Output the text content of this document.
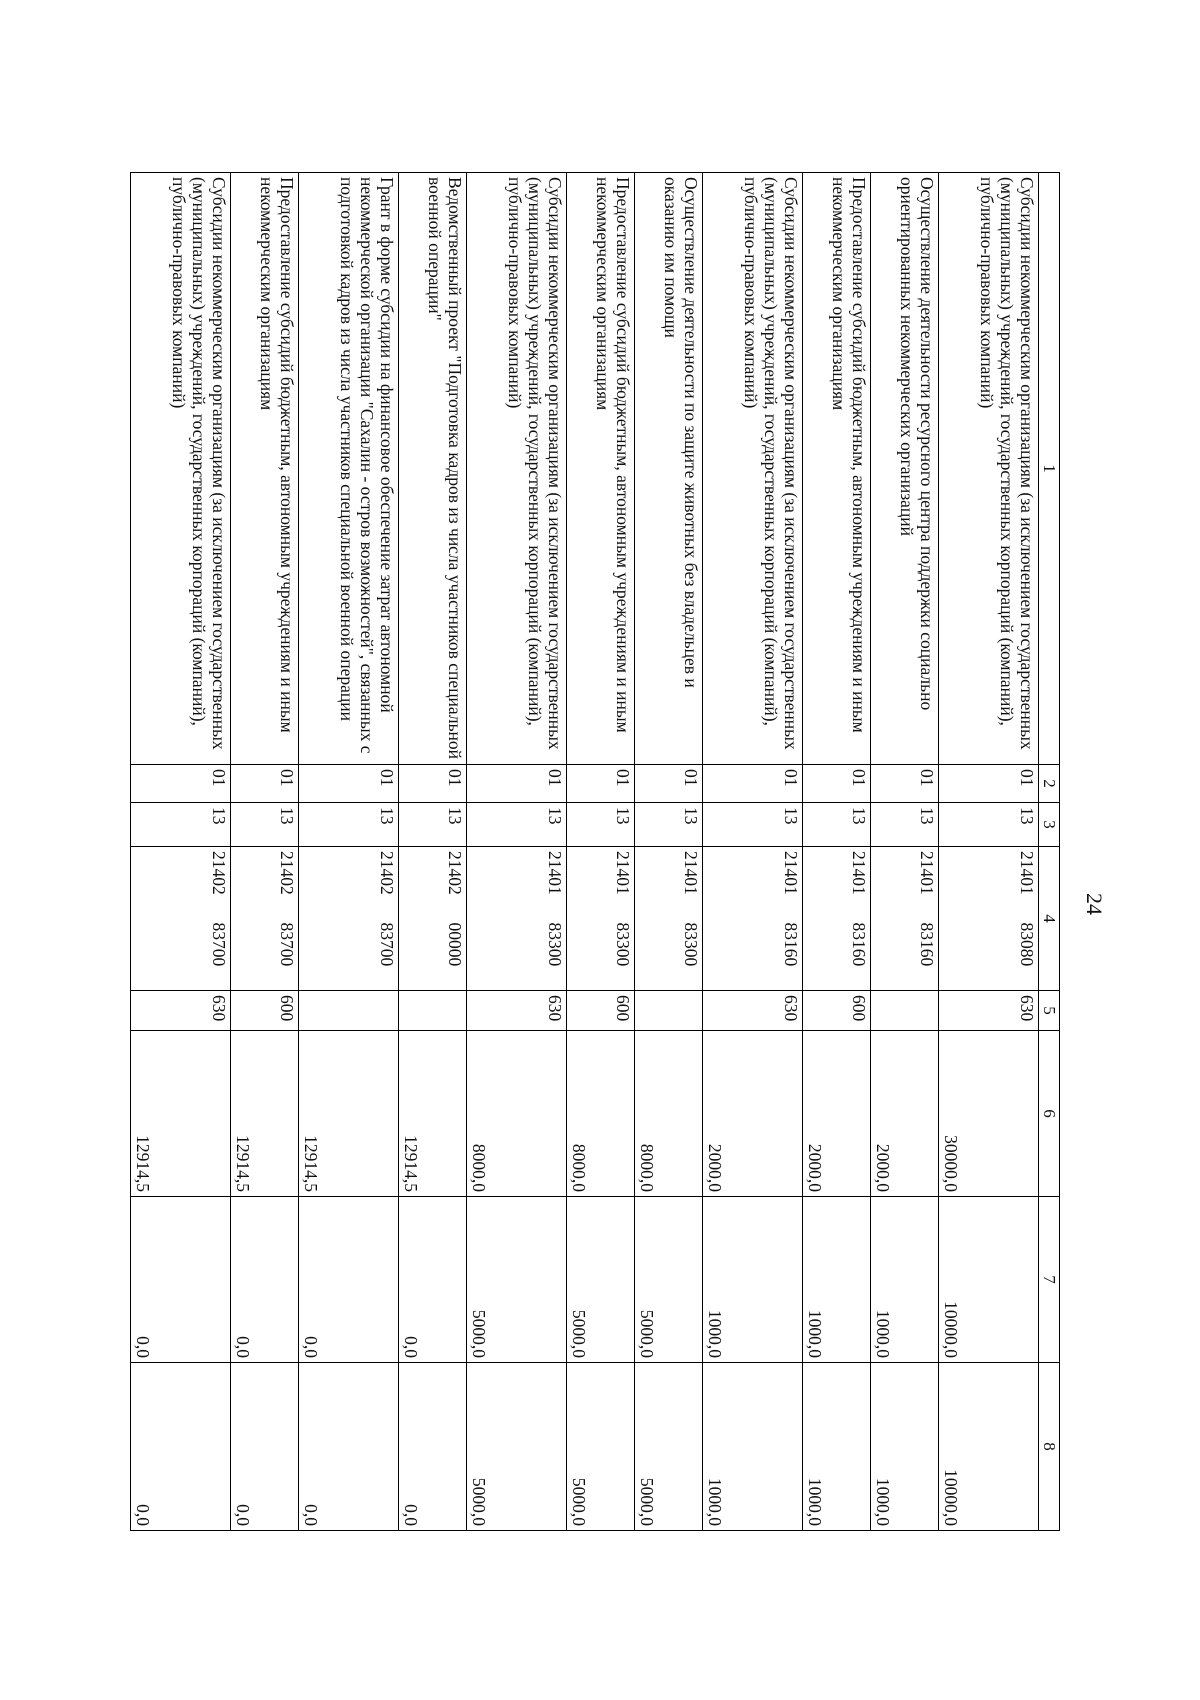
24
1	2	3	4		5	6	7	8
Субсидии некоммерческим организациям (за исключением государственных (муниципальных) учреждений, государственных корпораций (компаний), публично-правовых компаний)	01	13	21401	83080	630	30000,0	10000,0	10000,0
Осуществление деятельности ресурсного центра поддержки социально ориентированных некоммерческих организаций	01	13	21401	83160		2000,0	1000,0	1000,0
Предоставление субсидий бюджетным, автономным учреждениям и иным некоммерческим организациям	01	13	21401	83160	600	2000,0	1000,0	1000,0
Субсидии некоммерческим организациям (за исключением государственных (муниципальных) учреждений, государственных корпораций (компаний), публично-правовых компаний)	01	13	21401	83160	630	2000,0	1000,0	1000,0
Осуществление деятельности по защите животных без владельцев и оказанию им помощи	01	13	21401	83300		8000,0	5000,0	5000,0
Предоставление субсидий бюджетным, автономным учреждениям и иным некоммерческим организациям	01	13	21401	83300	600	8000,0	5000,0	5000,0
Субсидии некоммерческим организациям (за исключением государственных (муниципальных) учреждений, государственных корпораций (компаний), публично-правовых компаний)	01	13	21401	83300	630	8000,0	5000,0	5000,0
Ведомственный проект "Подготовка кадров из числа участников специальной военной операции"	01	13	21402	00000		12914,5	0,0	0,0
Грант в форме субсидии на финансовое обеспечение затрат автономной некоммерческой организации "Сахалин - остров возможностей", связанных с подготовкой кадров из числа участников специальной военной операции	01	13	21402	83700		12914,5	0,0	0,0
Предоставление субсидий бюджетным, автономным учреждениям и иным некоммерческим организациям	01	13	21402	83700	600	12914,5	0,0	0,0
Субсидии некоммерческим организациям (за исключением государственных (муниципальных) учреждений, государственных корпораций (компаний), публично-правовых компаний)	01	13	21402	83700	630	12914,5	0,0	0,0
